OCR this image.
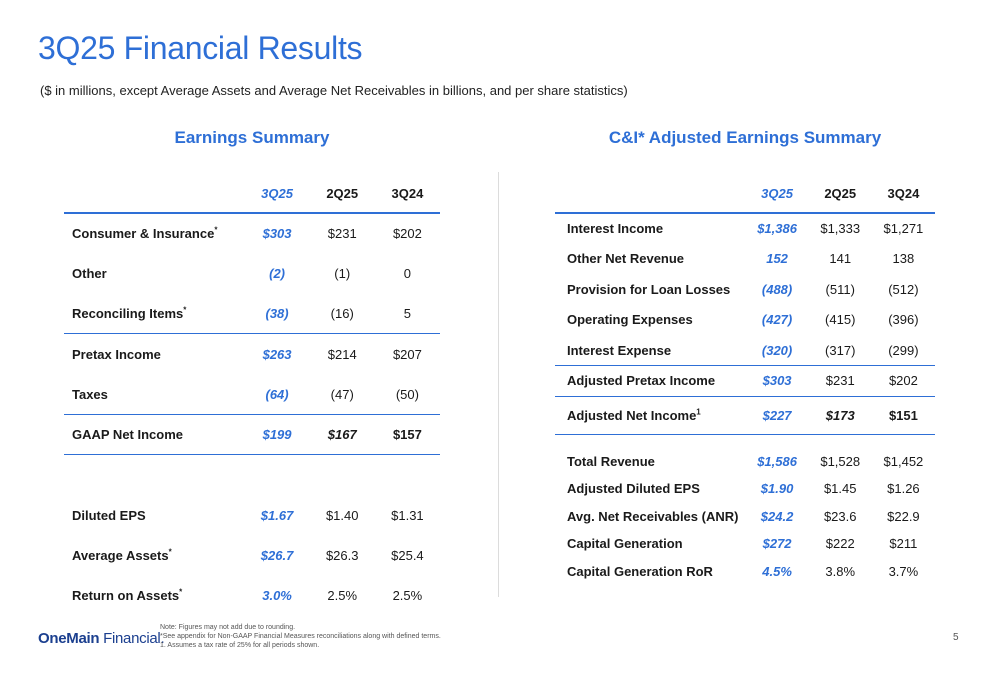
3Q25 Financial Results

($ in millions, except Average Assets and Average Net Receivables in billions, and per share statistics)

Earnings Summary	C&I* Adjusted Earnings Summary
	3Q25	2Q25	3Q24
Consumer & Insurance*	$303	$231	$202
Other	(2)	(1)	0
Reconciling Items*	(38)	(16)	5
Pretax Income	$263	$214	$207
Taxes	(64)	(47)	(50)
GAAP Net Income	$199	$167	$157

Diluted EPS	$1.67	$1.40	$1.31
Average Assets*	$26.7	$26.3	$25.4
Return on Assets*	3.0%	2.5%	2.5%
	3Q25	2Q25	3Q24
Interest Income	$1,386	$1,333	$1,271
Other Net Revenue	152	141	138
Provision for Loan Losses	(488)	(511)	(512)
Operating Expenses	(427)	(415)	(396)
Interest Expense	(320)	(317)	(299)
Adjusted Pretax Income	$303	$231	$202
Adjusted Net Income$^1$	$227	$173	$151

Total Revenue	$1,586	$1,528	$1,452
Adjusted Diluted EPS	$1.90	$1.45	$1.26
Avg. Net Receivables (ANR)	$24.2	$23.6	$22.9
Capital Generation	$272	$222	$211
Capital Generation RoR	4.5%	3.8%	3.7%
OneMain Financial.
Note: Figures may not add due to rounding.
*See appendix for Non-GAAP Financial Measures reconciliations along with defined terms.
1. Assumes a tax rate of 25% for all periods shown.
5
